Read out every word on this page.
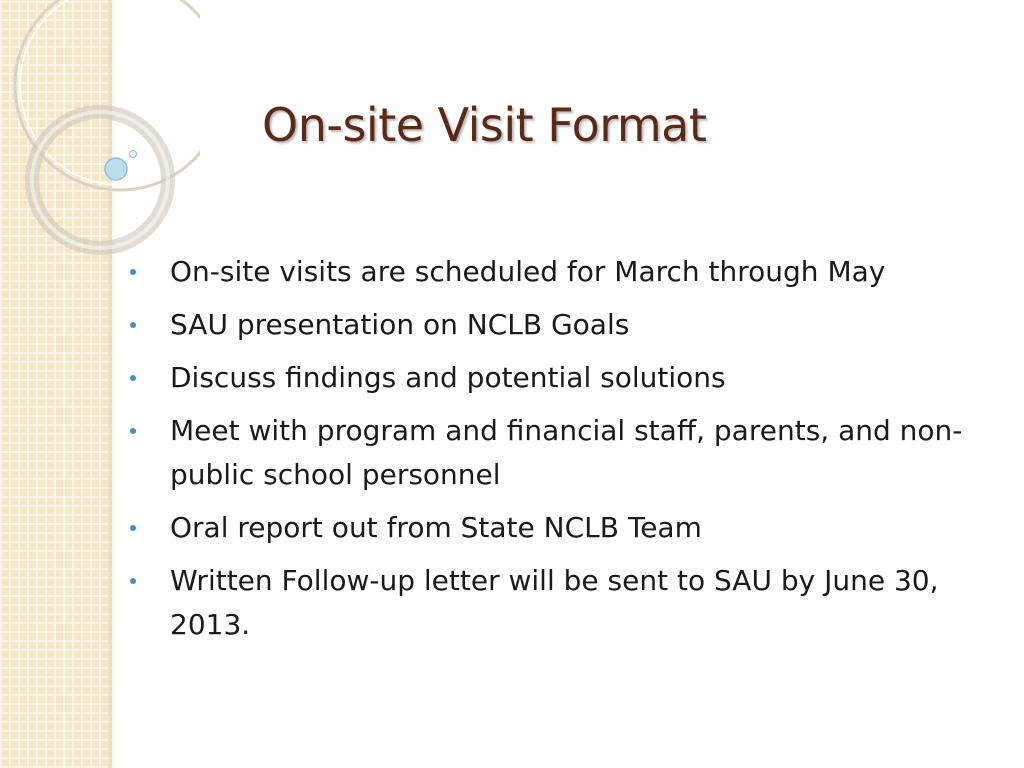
On-site Visit Format
On-site visits are scheduled for March through May
SAU presentation on NCLB Goals
Discuss findings and potential solutions
Meet with program and financial staff, parents, and non-public school personnel
Oral report out from State NCLB Team
Written Follow-up letter will be sent to SAU by June 30, 2013.
